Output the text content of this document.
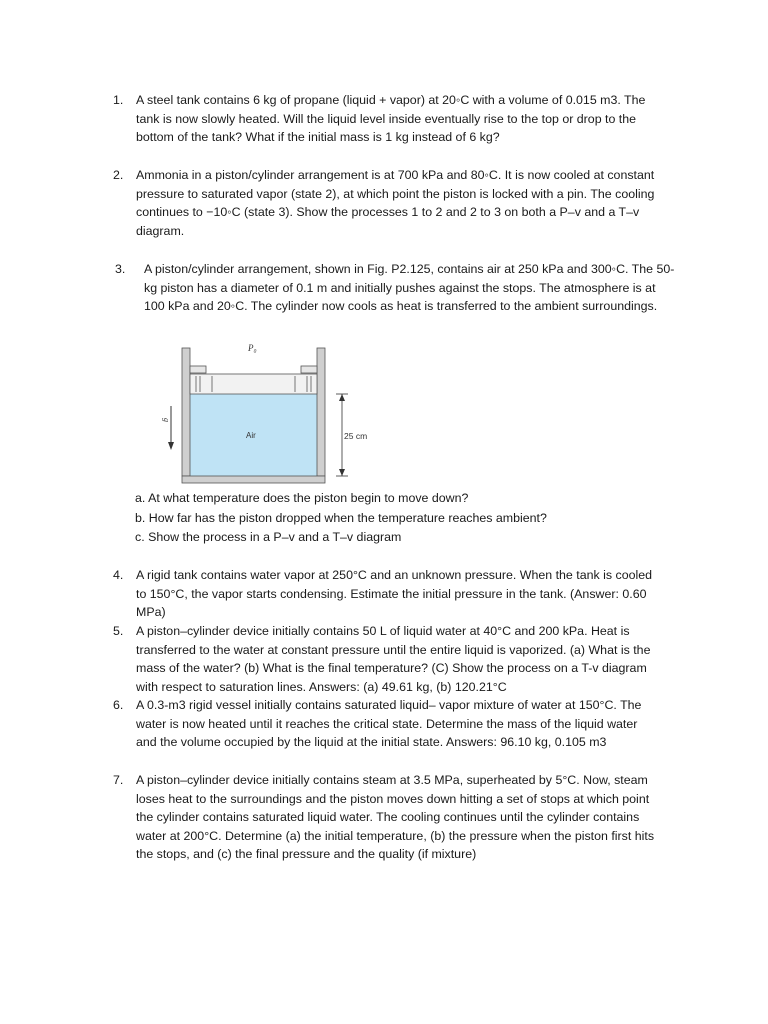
1.	A steel tank contains 6 kg of propane (liquid + vapor) at 20◦C with a volume of 0.015 m3. The
tank is now slowly heated. Will the liquid level inside eventually rise to the top or drop to the
bottom of the tank? What if the initial mass is 1 kg instead of 6 kg?
2.	Ammonia in a piston/cylinder arrangement is at 700 kPa and 80◦C. It is now cooled at constant
pressure to saturated vapor (state 2), at which point the piston is locked with a pin. The cooling
continues to −10◦C (state 3). Show the processes 1 to 2 and 2 to 3 on both a P–v and a T–v
diagram.
3.	A piston/cylinder arrangement, shown in Fig. P2.125, contains air at 250 kPa and 300◦C. The 50-
kg piston has a diameter of 0.1 m and initially pushes against the stops. The atmosphere is at
100 kPa and 20◦C. The cylinder now cools as heat is transferred to the ambient surroundings.
P₀
Air	25 cm
g
a. At what temperature does the piston begin to move down?
b. How far has the piston dropped when the temperature reaches ambient?
c. Show the process in a P–v and a T–v diagram
4.	A rigid tank contains water vapor at 250°C and an unknown pressure. When the tank is cooled
to 150°C, the vapor starts condensing. Estimate the initial pressure in the tank. (Answer: 0.60
MPa)
5.	A piston–cylinder device initially contains 50 L of liquid water at 40°C and 200 kPa. Heat is
transferred to the water at constant pressure until the entire liquid is vaporized. (a) What is the
mass of the water? (b) What is the final temperature? (C) Show the process on a T-v diagram
with respect to saturation lines. Answers: (a) 49.61 kg, (b) 120.21°C
6.	A 0.3-m3 rigid vessel initially contains saturated liquid– vapor mixture of water at 150°C. The
water is now heated until it reaches the critical state. Determine the mass of the liquid water
and the volume occupied by the liquid at the initial state. Answers: 96.10 kg, 0.105 m3
7.	A piston–cylinder device initially contains steam at 3.5 MPa, superheated by 5°C. Now, steam
loses heat to the surroundings and the piston moves down hitting a set of stops at which point
the cylinder contains saturated liquid water. The cooling continues until the cylinder contains
water at 200°C. Determine (a) the initial temperature, (b) the pressure when the piston first hits
the stops, and (c) the final pressure and the quality (if mixture)
